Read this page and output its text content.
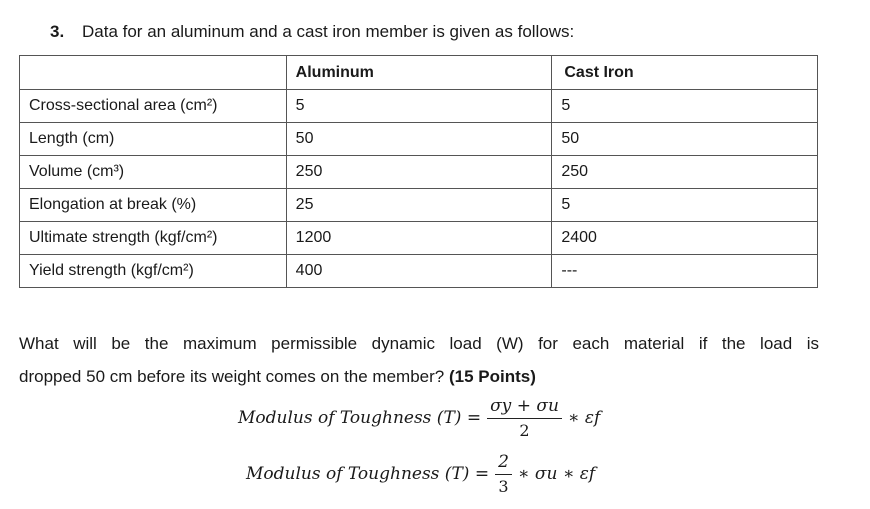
3. Data for an aluminum and a cast iron member is given as follows:
	Aluminum	Cast Iron
Cross-sectional area (cm²)	5	5
Length (cm)	50	50
Volume (cm³)	250	250
Elongation at break (%)	25	5
Ultimate strength (kgf/cm²)	1200	2400
Yield strength (kgf/cm²)	400	---
What will be the maximum permissible dynamic load (W) for each material if the load is
dropped 50 cm before its weight comes on the member? (15 Points)
Modulus of Toughness $(T) = \frac{\sigma y + \sigma u}{2}$ ∗ εf
Modulus of Toughness $(T) = \frac{2}{3}$ ∗ σu ∗ εf
